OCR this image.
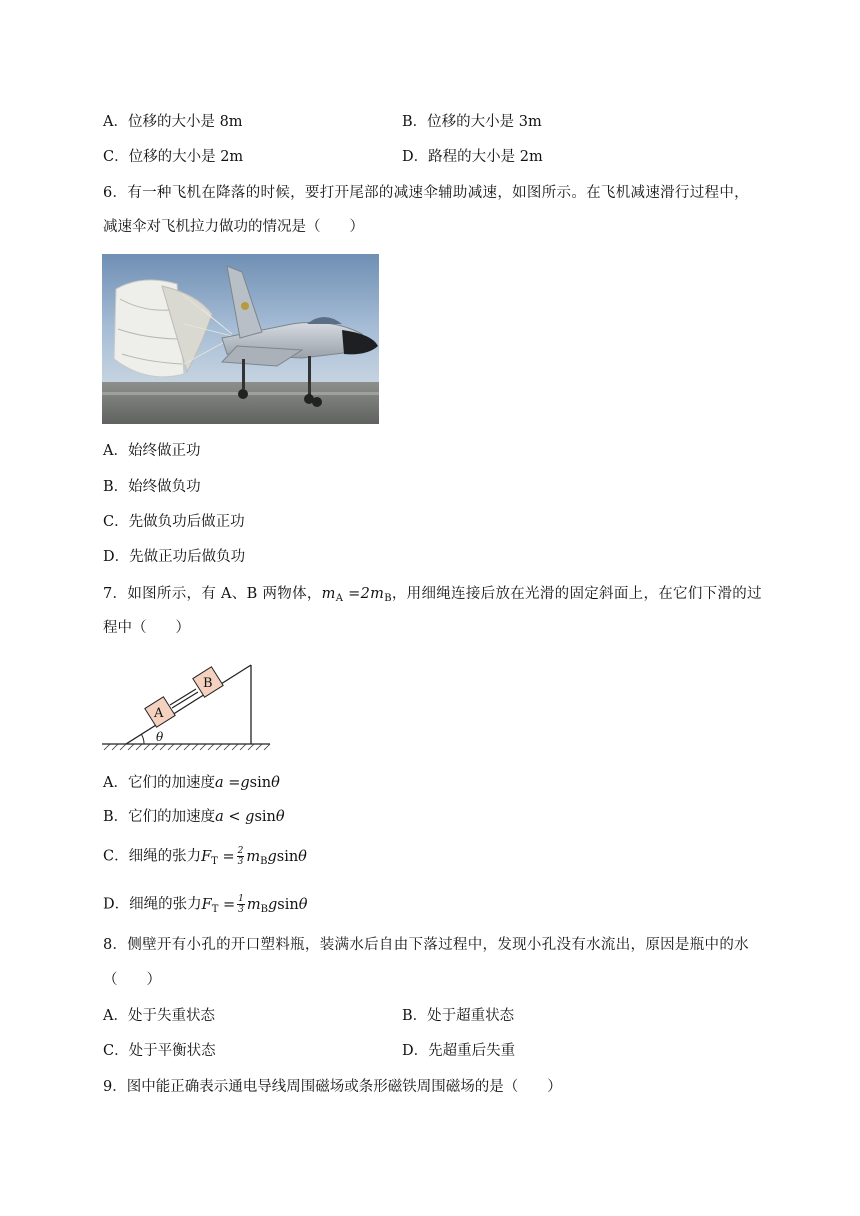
A．位移的大小是 8m	B．位移的大小是 3m
C．位移的大小是 2m	D．路程的大小是 2m
6．有一种飞机在降落的时候，要打开尾部的减速伞辅助减速，如图所示。在飞机减速滑行过程中，
减速伞对飞机拉力做功的情况是（　　）
A．始终做正功
B．始终做负功
C．先做负功后做正功
D．先做正功后做负功
7．如图所示，有 A、B 两物体，$m_A =2m_B$，用细绳连接后放在光滑的固定斜面上，在它们下滑的过
程中（　　）
A
B
θ
A．它们的加速度a =gsinθ
B．它们的加速度a < gsinθ
C．细绳的张力$F_T = \frac{2}{3} m_Bgsin\theta$
D．细绳的张力$F_T = \frac{1}{3} m_Bgsin\theta$
8．侧壁开有小孔的开口塑料瓶，装满水后自由下落过程中，发现小孔没有水流出，原因是瓶中的水
（　　）
A．处于失重状态	B．处于超重状态
C．处于平衡状态	D．先超重后失重
9．图中能正确表示通电导线周围磁场或条形磁铁周围磁场的是（　　）
